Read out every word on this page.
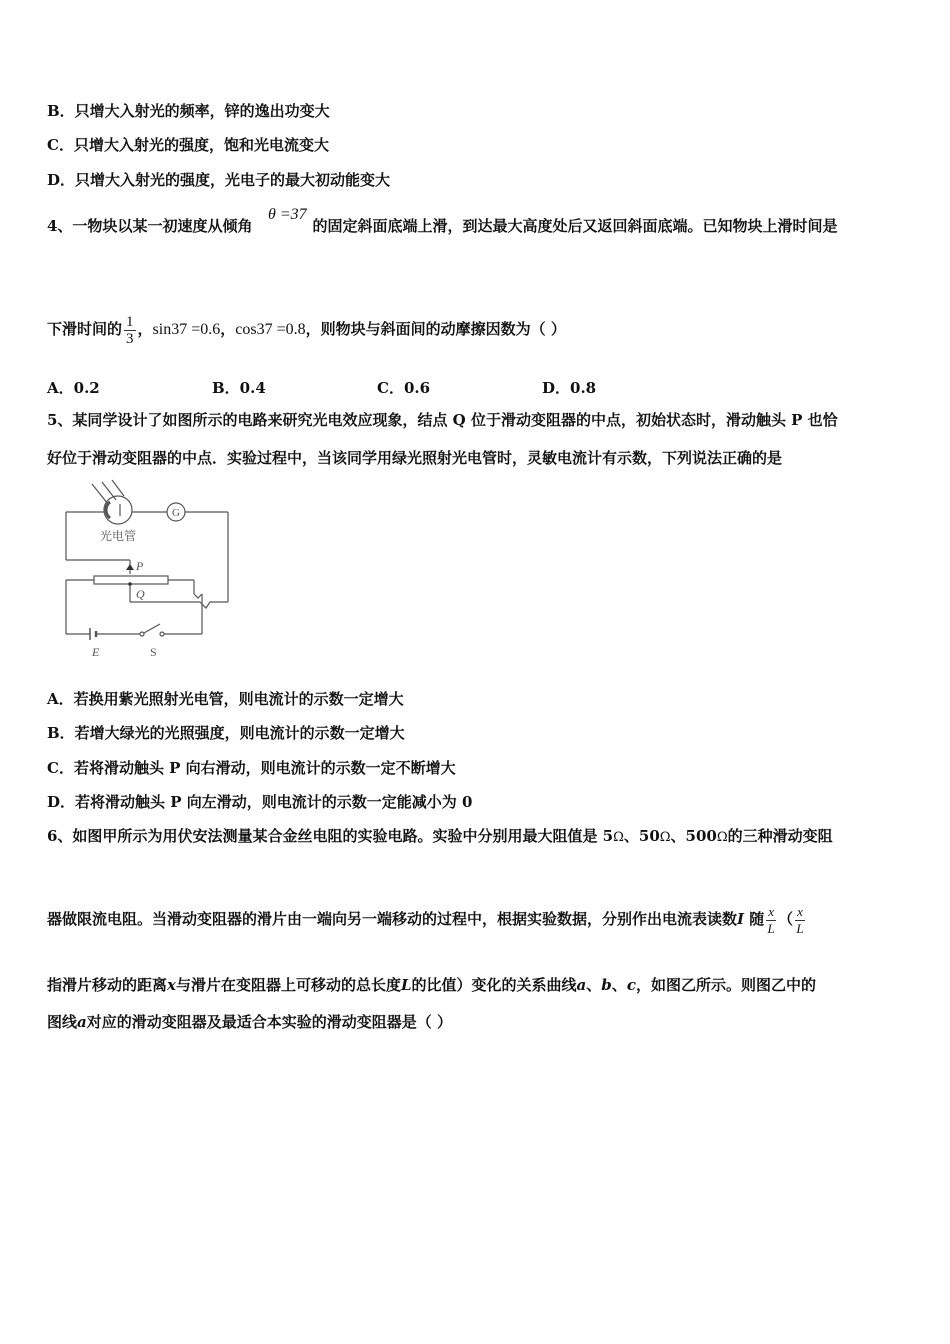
B．只增大入射光的频率，锌的逸出功变大
C．只增大入射光的强度，饱和光电流变大
D．只增大入射光的强度，光电子的最大初动能变大
4、一物块以某一初速度从倾角	的固定斜面底端上滑，到达最大高度处后又返回斜面底端。已知物块上滑时间是
θ =37
下滑时间的 $\frac{1}{3}$ ，sin37 =0.6，cos37 =0.8，则物块与斜面间的动摩擦因数为（ ）
A．0.2	B．0.4	C．0.6	D．0.8
5、某同学设计了如图所示的电路来研究光电效应现象，结点 Q 位于滑动变阻器的中点，初始状态时，滑动触头 P 也恰
好位于滑动变阻器的中点．实验过程中，当该同学用绿光照射光电管时，灵敏电流计有示数，下列说法正确的是
光电管
G
P
Q
E	S
A．若换用紫光照射光电管，则电流计的示数一定增大
B．若增大绿光的光照强度，则电流计的示数一定增大
C．若将滑动触头 P 向右滑动，则电流计的示数一定不断增大
D．若将滑动触头 P 向左滑动，则电流计的示数一定能减小为 0
6、如图甲所示为用伏安法测量某合金丝电阻的实验电路。实验中分别用最大阻值是 5Ω、50Ω、500Ω的三种滑动变阻
器做限流电阻。当滑动变阻器的滑片由一端向另一端移动的过程中，根据实验数据，分别作出电流表读数I 随 $\frac{x}{L}$ （ $\frac{x}{L}$
指滑片移动的距离x与滑片在变阻器上可移动的总长度L的比值）变化的关系曲线a、b、c，如图乙所示。则图乙中的
图线a对应的滑动变阻器及最适合本实验的滑动变阻器是（ ）
